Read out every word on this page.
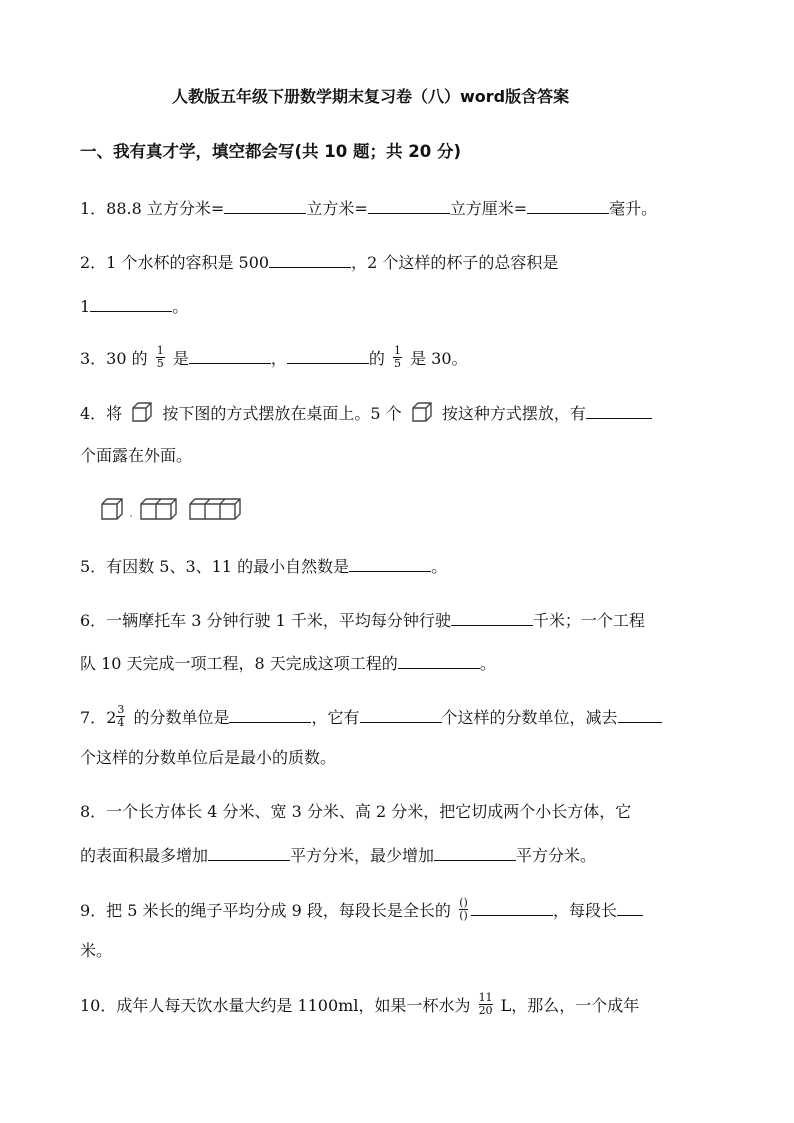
人教版五年级下册数学期末复习卷（八）word版含答案
一、我有真才学，填空都会写(共 10 题；共 20 分)
1．88.8 立方分米=	立方米=	立方厘米=	毫升。
2．1 个水杯的容积是 500	，2 个这样的杯子的总容积是
1	。
3．30 的 $\frac{1}{5}$ 是	，	的 $\frac{1}{5}$ 是 30。
4．将	按下图的方式摆放在桌面上。5 个	按这种方式摆放，有
个面露在外面。
5．有因数 5、3、11 的最小自然数是	。
6．一辆摩托车 3 分钟行驶 1 千米，平均每分钟行驶	千米；一个工程
队 10 天完成一项工程，8 天完成这项工程的	。
7．$2 \frac{3}{4}$ 的分数单位是	，它有	个这样的分数单位，减去
个这样的分数单位后是最小的质数。
8．一个长方体长 4 分米、宽 3 分米、高 2 分米，把它切成两个小长方体，它
的表面积最多增加	平方分米，最少增加	平方分米。
9．把 5 米长的绳子平均分成 9 段，每段长是全长的 $\frac{()}{()}$	，每段长
米。
10．成年人每天饮水量大约是 1100ml，如果一杯水为 $\frac{11}{20}$ L，那么，一个成年
